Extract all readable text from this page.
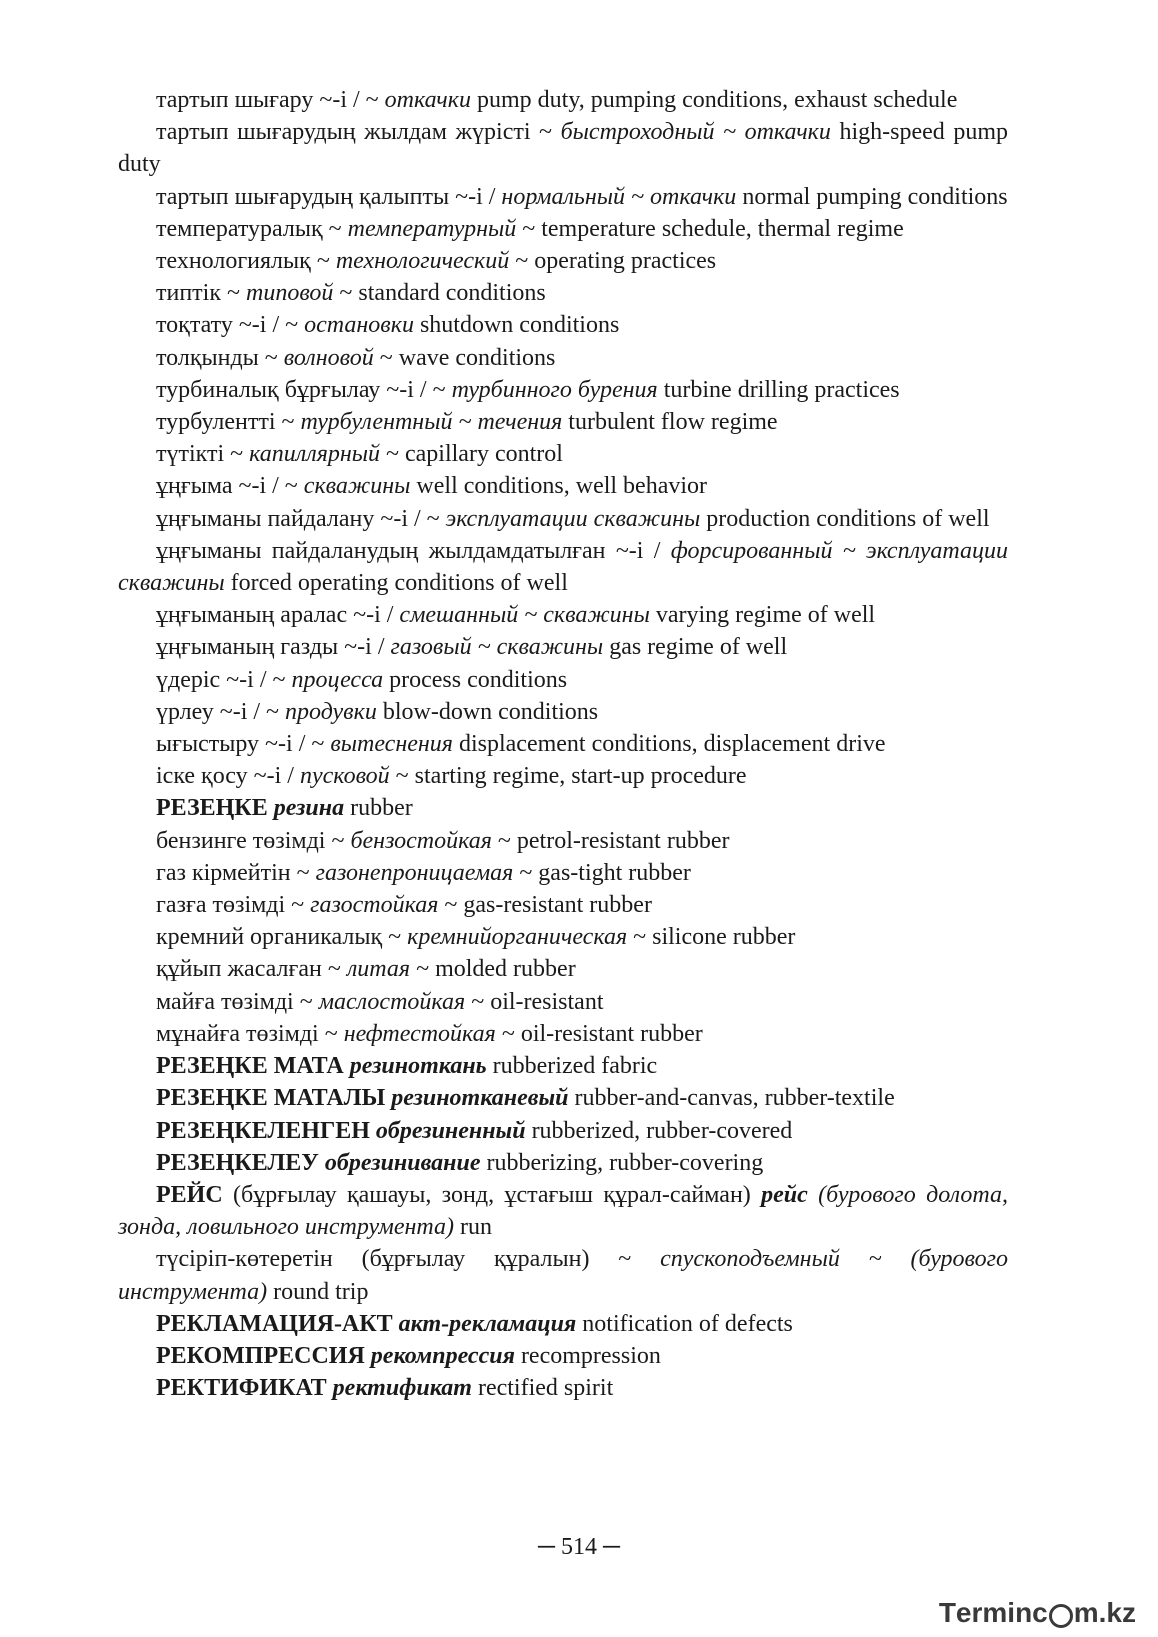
тартып шығару ~-і / ~ откачки pump duty, pumping conditions, exhaust schedule

тартып шығарудың жылдам жүрісті ~ быстроходный ~ откачки high-speed pump duty

тартып шығарудың қалыпты ~-і / нормальный ~ откачки normal pumping conditions

температуралық ~ температурный ~ temperature schedule, thermal regime

технологиялық ~ технологический ~ operating practices

типтік ~ типовой ~ standard conditions

тоқтату ~-і / ~ остановки shutdown conditions

толқынды ~ волновой ~ wave conditions

турбиналық бұрғылау ~-і / ~ турбинного бурения turbine drilling practices

турбулентті ~ турбулентный ~ течения turbulent flow regime

түтікті ~ капиллярный ~ capillary control

ұңғыма ~-і / ~ скважины well conditions, well behavior

ұңғыманы пайдалану ~-і / ~ эксплуатации скважины production conditions of well

ұңғыманы пайдаланудың жылдамдатылған ~-і / форсированный ~ эксплуатации скважины forced operating conditions of well

ұңғыманың аралас ~-і / смешанный ~ скважины varying regime of well

ұңғыманың газды ~-і / газовый ~ скважины gas regime of well

үдеріс ~-і / ~ процесса process conditions

үрлеу ~-і / ~ продувки blow-down conditions

ығыстыру ~-і / ~ вытеснения displacement conditions, displacement drive

іске қосу ~-і / пусковой ~ starting regime, start-up procedure

РЕЗЕҢКЕ резина rubber

бензинге төзімді ~ бензостойкая ~ petrol-resistant rubber

газ кірмейтін ~ газонепроницаемая ~ gas-tight rubber

газға төзімді ~ газостойкая ~ gas-resistant rubber

кремний органикалық ~ кремнийорганическая ~ silicone rubber

құйып жасалған ~ литая ~ molded rubber

майға төзімді ~ маслостойкая ~ oil-resistant

мұнайға төзімді ~ нефтестойкая ~ oil-resistant rubber

РЕЗЕҢКЕ МАТА резиноткань rubberized fabric

РЕЗЕҢКЕ МАТАЛЫ резинотканевый rubber-and-canvas, rubber-textile

РЕЗЕҢКЕЛЕНГЕН обрезиненный rubberized, rubber-covered

РЕЗЕҢКЕЛЕУ обрезинивание rubberizing, rubber-covering

РЕЙС (бұрғылау қашауы, зонд, ұстағыш құрал-сайман) рейс (бурового долота, зонда, ловильного инструмента) run

түсіріп-көтеретін (бұрғылау құралын) ~ спускоподъемный ~ (бурового инструмента) round trip

РЕКЛАМАЦИЯ-АКТ акт-рекламация notification of defects

РЕКОМПРЕССИЯ рекомпрессия recompression

РЕКТИФИКАТ ректификат rectified spirit

─ 514 ─
T erminc m.kz
